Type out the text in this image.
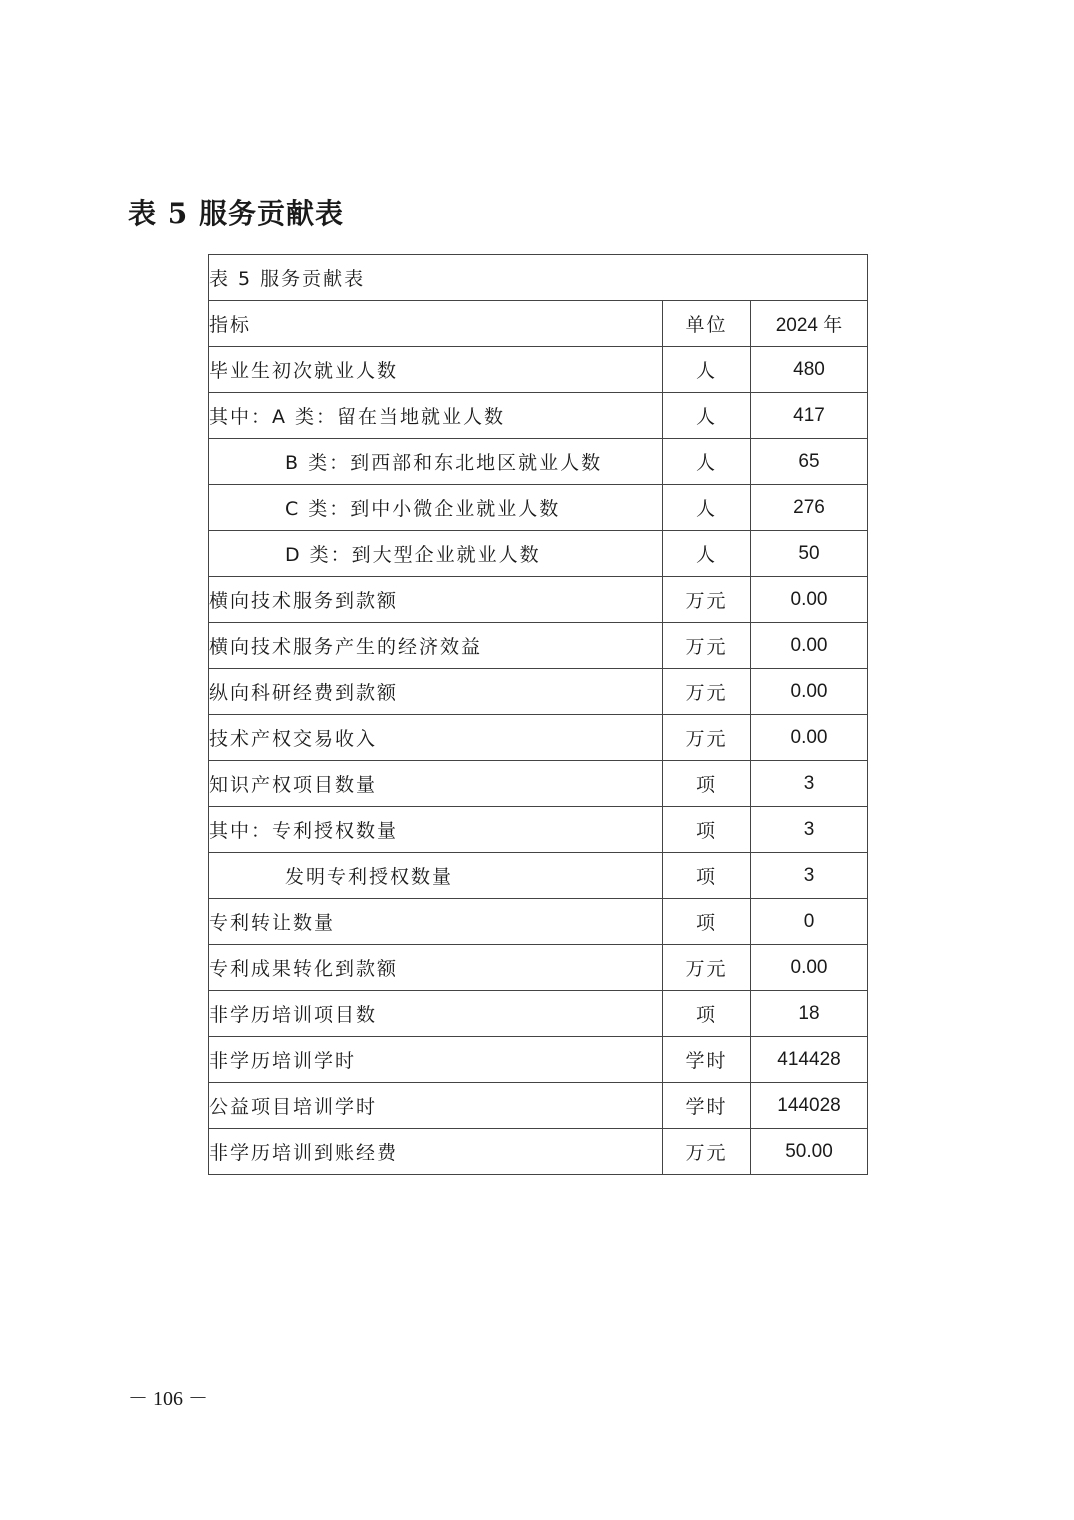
表 5 服务贡献表
表 5 服务贡献表		
指标	单位	2024 年
毕业生初次就业人数	人	480
其中：A 类：留在当地就业人数	人	417
B 类：到西部和东北地区就业人数	人	65
C 类：到中小微企业就业人数	人	276
D 类：到大型企业就业人数	人	50
横向技术服务到款额	万元	0.00
横向技术服务产生的经济效益	万元	0.00
纵向科研经费到款额	万元	0.00
技术产权交易收入	万元	0.00
知识产权项目数量	项	3
其中：专利授权数量	项	3
发明专利授权数量	项	3
专利转让数量	项	0
专利成果转化到款额	万元	0.00
非学历培训项目数	项	18
非学历培训学时	学时	414428
公益项目培训学时	学时	144028
非学历培训到账经费	万元	50.00
－ 106 －
